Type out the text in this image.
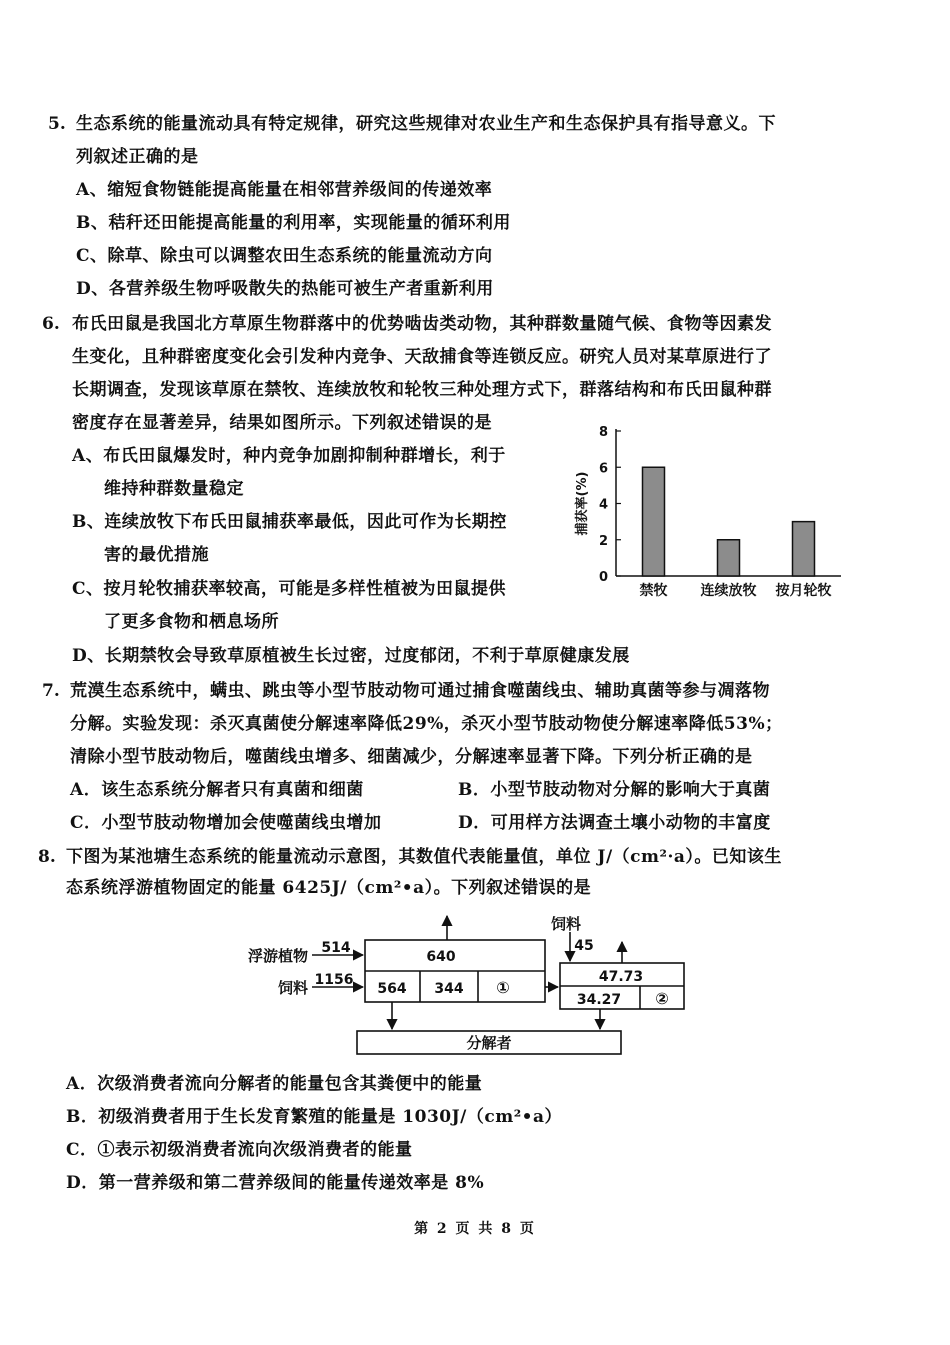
5. 生态系统的能量流动具有特定规律，研究这些规律对农业生产和生态保护具有指导意义。下
列叙述正确的是
A、缩短食物链能提高能量在相邻营养级间的传递效率
B、秸秆还田能提高能量的利用率，实现能量的循环利用
C、除草、除虫可以调整农田生态系统的能量流动方向
D、各营养级生物呼吸散失的热能可被生产者重新利用
6. 布氏田鼠是我国北方草原生物群落中的优势啮齿类动物，其种群数量随气候、食物等因素发
生变化，且种群密度变化会引发种内竞争、天敌捕食等连锁反应。研究人员对某草原进行了
长期调查，发现该草原在禁牧、连续放牧和轮牧三种处理方式下，群落结构和布氏田鼠种群
密度存在显著差异，结果如图所示。下列叙述错误的是
A、布氏田鼠爆发时，种内竞争加剧抑制种群增长，利于
维持种群数量稳定
B、连续放牧下布氏田鼠捕获率最低，因此可作为长期控
害的最优措施
C、按月轮牧捕获率较高，可能是多样性植被为田鼠提供
了更多食物和栖息场所
D、长期禁牧会导致草原植被生长过密，过度郁闭，不利于草原健康发展
0
2
4
6
8
捕获率(%)
禁牧 连续放牧 按月轮牧
7. 荒漠生态系统中，螨虫、跳虫等小型节肢动物可通过捕食噬菌线虫、辅助真菌等参与凋落物
分解。实验发现：杀灭真菌使分解速率降低29%，杀灭小型节肢动物使分解速率降低53%；
清除小型节肢动物后，噬菌线虫增多、细菌减少，分解速率显著下降。下列分析正确的是
A．该生态系统分解者只有真菌和细菌	B．小型节肢动物对分解的影响大于真菌
C．小型节肢动物增加会使噬菌线虫增加	D．可用样方法调查土壤小动物的丰富度
8. 下图为某池塘生态系统的能量流动示意图，其数值代表能量值，单位 J/（cm²·a）。已知该生
态系统浮游植物固定的能量 6425J/（cm²•a）。下列叙述错误的是
浮游植物 514
饲料 1156
640
564 344 ①
饲料
45
47.73
34.27 ②
分解者
A．次级消费者流向分解者的能量包含其粪便中的能量
B．初级消费者用于生长发育繁殖的能量是 1030J/（cm²•a）
C．①表示初级消费者流向次级消费者的能量
D．第一营养级和第二营养级间的能量传递效率是 8%
第 2 页 共 8 页
